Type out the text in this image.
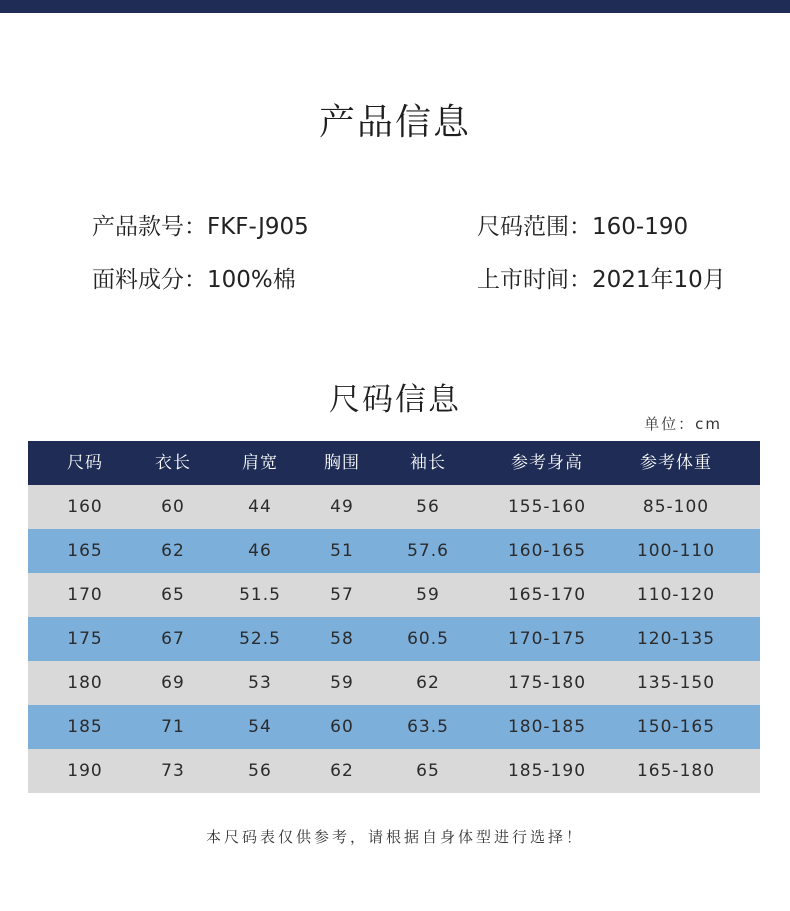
产品信息
产品款号：FKF-J905	尺码范围：160-190
面料成分：100%棉	上市时间：2021年10月
尺码信息
单位：cm
尺码	衣长	肩宽	胸围	袖长	参考身高	参考体重
160	60	44	49	56	155-160	85-100
165	62	46	51	57.6	160-165	100-110
170	65	51.5	57	59	165-170	110-120
175	67	52.5	58	60.5	170-175	120-135
180	69	53	59	62	175-180	135-150
185	71	54	60	63.5	180-185	150-165
190	73	56	62	65	185-190	165-180
本尺码表仅供参考，请根据自身体型进行选择！
